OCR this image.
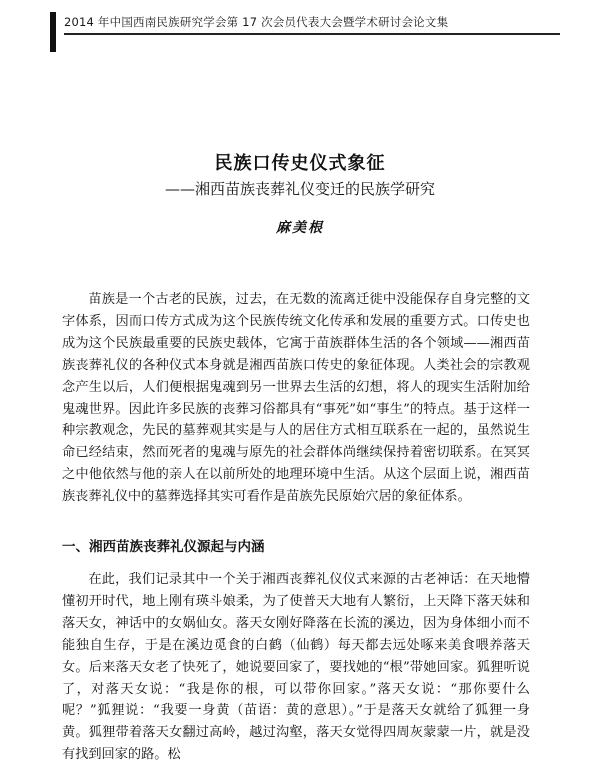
2014 年中国西南民族研究学会第 17 次会员代表大会暨学术研讨会论文集
民族口传史仪式象征
——湘西苗族丧葬礼仪变迁的民族学研究
麻美根

苗族是一个古老的民族，过去，在无数的流离迁徙中没能保存自身完整的文字体系，因而口传方式成为这个民族传统文化传承和发展的重要方式。口传史也成为这个民族最重要的民族史载体，它寓于苗族群体生活的各个领域——湘西苗族丧葬礼仪的各种仪式本身就是湘西苗族口传史的象征体现。人类社会的宗教观念产生以后，人们便根据鬼魂到另一世界去生活的幻想，将人的现实生活附加给鬼魂世界。因此许多民族的丧葬习俗都具有“事死”如“事生”的特点。基于这样一种宗教观念，先民的墓葬观其实是与人的居住方式相互联系在一起的，虽然说生命已经结束，然而死者的鬼魂与原先的社会群体尚继续保持着密切联系。在冥冥之中他依然与他的亲人在以前所处的地理环境中生活。从这个层面上说，湘西苗族丧葬礼仪中的墓葬选择其实可看作是苗族先民原始穴居的象征体系。

一、湘西苗族丧葬礼仪源起与内涵

在此，我们记录其中一个关于湘西丧葬礼仪仪式来源的古老神话：在天地懵懂初开时代，地上刚有瑛斗娘柔，为了使普天大地有人繁衍，上天降下落天妹和落天女，神话中的女娲仙女。落天女刚好降落在长流的溪边，因为身体细小而不能独自生存，于是在溪边觅食的白鹤（仙鹤）每天都去远处啄来美食喂养落天女。后来落天女老了快死了，她说要回家了，要找她的“根”带她回家。狐狸听说了，对落天女说：“我是你的根，可以带你回家。”落天女说：“那你要什么呢？”狐狸说：“我要一身黄（苗语：黄的意思）。”于是落天女就给了狐狸一身黄。狐狸带着落天女翻过高岭，越过沟壑，落天女觉得四周灰蒙蒙一片，就是没有找到回家的路。松
